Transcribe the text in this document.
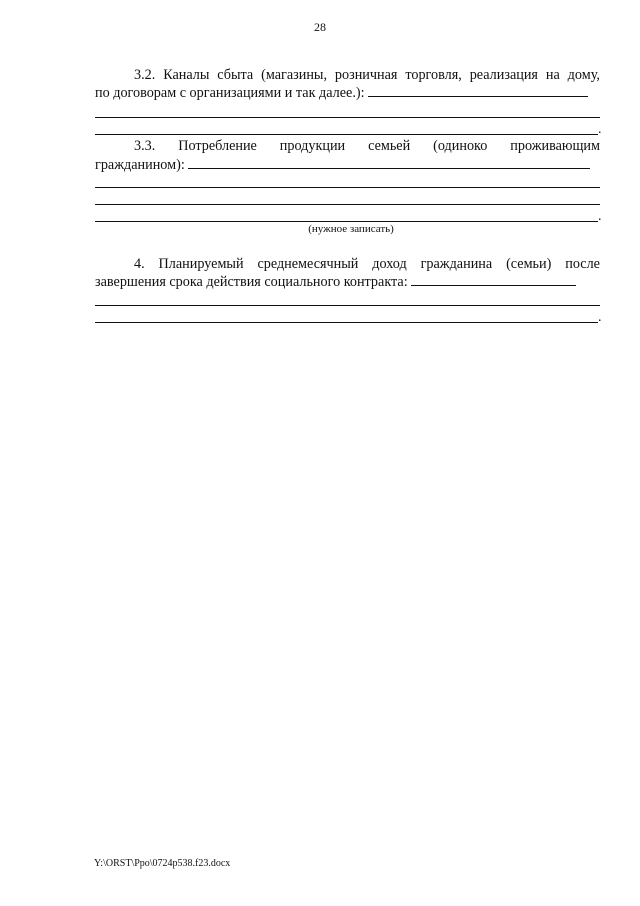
28
3.2. Каналы сбыта (магазины, розничная торговля, реализация на дому,
по договорам с организациями и так далее.):
.
3.3. Потребление продукции семьей (одиноко проживающим
гражданином):
.
(нужное записать)
4. Планируемый среднемесячный доход гражданина (семьи) после
завершения срока действия социального контракта:
.
Y:\ORST\Ppo\0724p538.f23.docx
